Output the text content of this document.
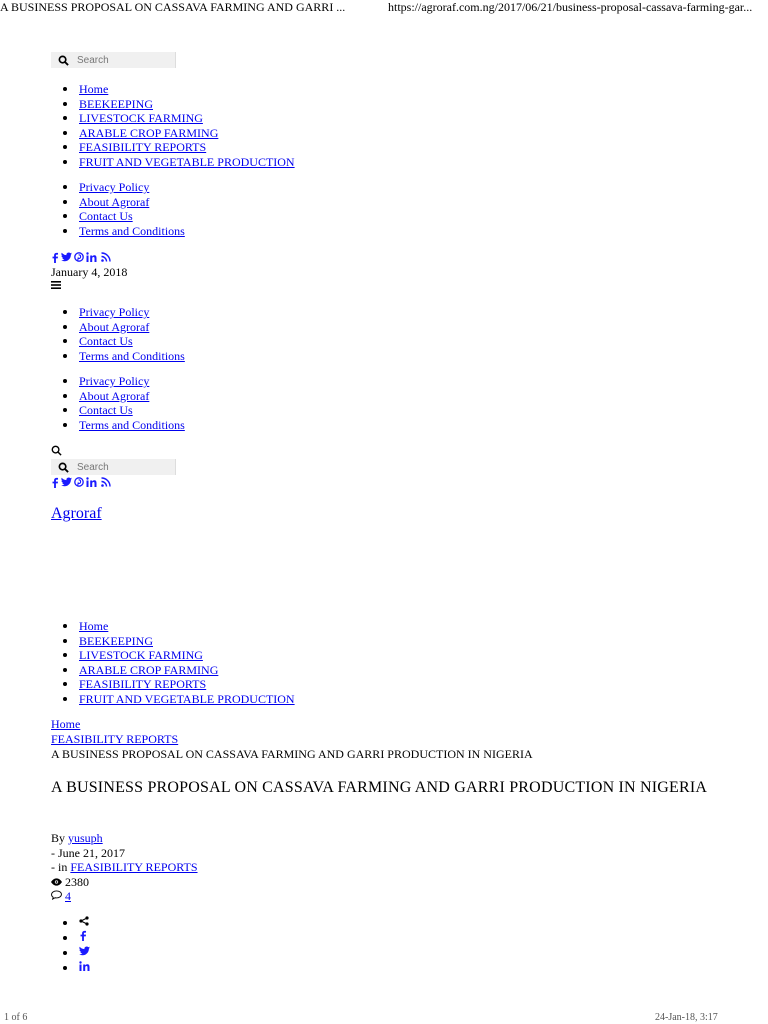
A BUSINESS PROPOSAL ON CASSAVA FARMING AND GARRI ...	https://agroraf.com.ng/2017/06/21/business-proposal-cassava-farming-gar...
Search
Home
BEEKEEPING
LIVESTOCK FARMING
ARABLE CROP FARMING
FEASIBILITY REPORTS
FRUIT AND VEGETABLE PRODUCTION
Privacy Policy
About Agroraf
Contact Us
Terms and Conditions
January 4, 2018
Privacy Policy
About Agroraf
Contact Us
Terms and Conditions
Privacy Policy
About Agroraf
Contact Us
Terms and Conditions
Search
Agroraf
Home
BEEKEEPING
LIVESTOCK FARMING
ARABLE CROP FARMING
FEASIBILITY REPORTS
FRUIT AND VEGETABLE PRODUCTION
Home
FEASIBILITY REPORTS
A BUSINESS PROPOSAL ON CASSAVA FARMING AND GARRI PRODUCTION IN NIGERIA
A BUSINESS PROPOSAL ON CASSAVA FARMING AND GARRI PRODUCTION IN NIGERIA
By yusuph
- June 21, 2017
- in FEASIBILITY REPORTS
2380
4
1 of 6	24-Jan-18, 3:17
